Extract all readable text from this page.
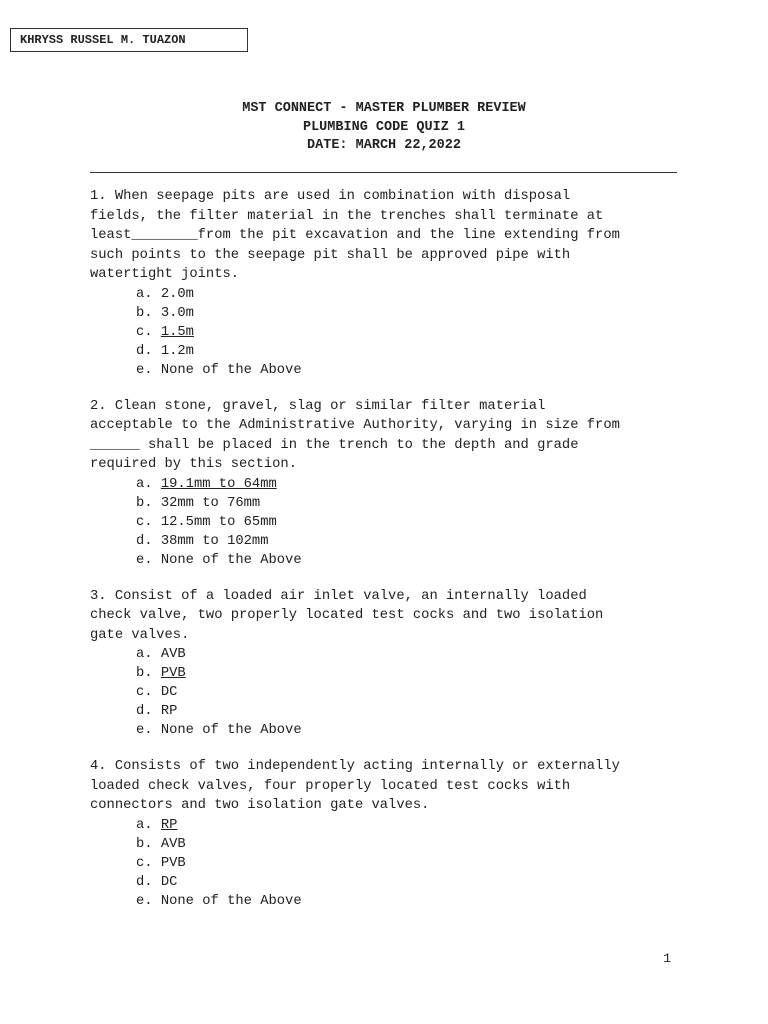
KHRYSS RUSSEL M. TUAZON
MST CONNECT - MASTER PLUMBER REVIEW
PLUMBING CODE QUIZ 1
DATE: MARCH 22,2022
1. When seepage pits are used in combination with disposal
fields, the filter material in the trenches shall terminate at
least________from the pit excavation and the line extending from
such points to the seepage pit shall be approved pipe with
watertight joints.
a. 2.0m
b. 3.0m
c. 1.5m
d. 1.2m
e. None of the Above
2. Clean stone, gravel, slag or similar filter material
acceptable to the Administrative Authority, varying in size from
______ shall be placed in the trench to the depth and grade
required by this section.
a. 19.1mm to 64mm
b. 32mm to 76mm
c. 12.5mm to 65mm
d. 38mm to 102mm
e. None of the Above
3. Consist of a loaded air inlet valve, an internally loaded
check valve, two properly located test cocks and two isolation
gate valves.
a. AVB
b. PVB
c. DC
d. RP
e. None of the Above
4. Consists of two independently acting internally or externally
loaded check valves, four properly located test cocks with
connectors and two isolation gate valves.
a. RP
b. AVB
c. PVB
d. DC
e. None of the Above
1
